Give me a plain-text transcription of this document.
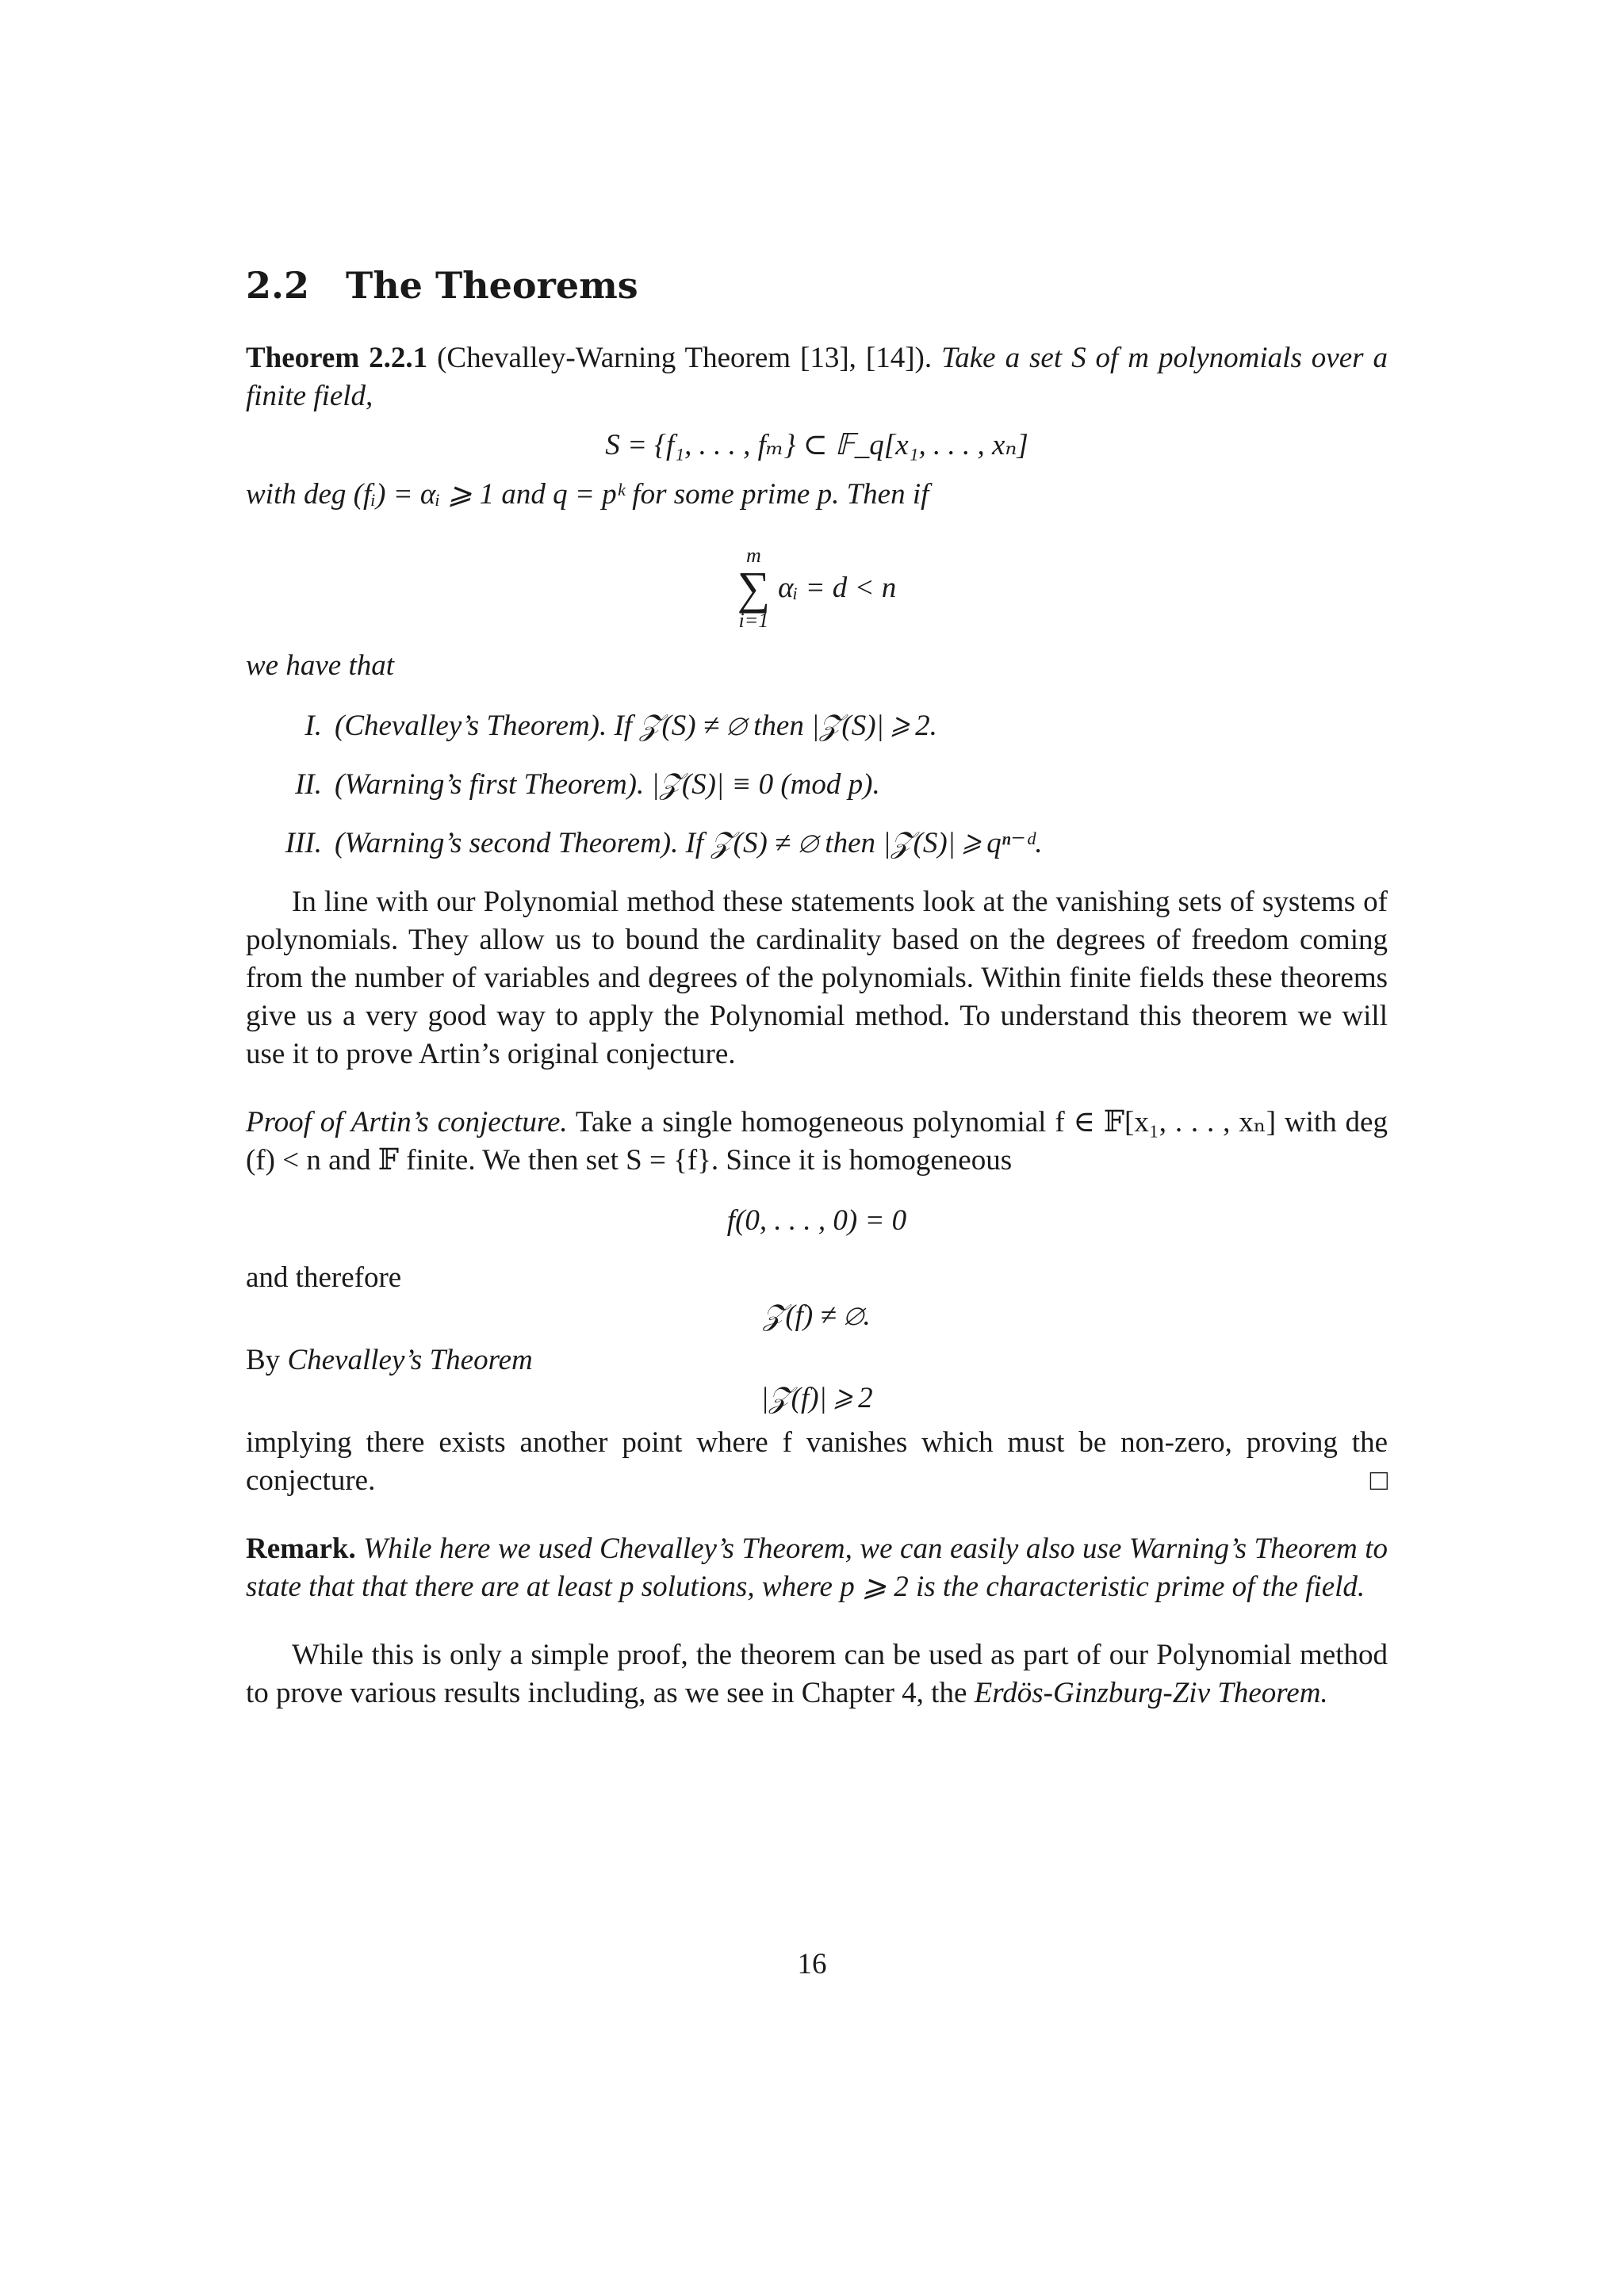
2.2 The Theorems

Theorem 2.2.1 (Chevalley-Warning Theorem [13], [14]). Take a set S of m polynomials over a finite field,

S = {f₁, . . . , fₘ} ⊂ 𝔽_q[x₁, . . . , xₙ]

with deg (fᵢ) = αᵢ ⩾ 1 and q = pᵏ for some prime p. Then if

m
∑
i=1
αᵢ = d < n

we have that

I. (Chevalley’s Theorem). If 𝒵(S) ≠ ∅ then |𝒵(S)| ⩾ 2.
II. (Warning’s first Theorem). |𝒵(S)| ≡ 0 (mod p).
III. (Warning’s second Theorem). If 𝒵(S) ≠ ∅ then |𝒵(S)| ⩾ qⁿ⁻ᵈ.

In line with our Polynomial method these statements look at the vanishing sets of systems of polynomials. They allow us to bound the cardinality based on the degrees of freedom coming from the number of variables and degrees of the polynomials. Within finite fields these theorems give us a very good way to apply the Polynomial method. To understand this theorem we will use it to prove Artin’s original conjecture.

Proof of Artin’s conjecture. Take a single homogeneous polynomial f ∈ 𝔽[x₁, . . . , xₙ] with deg (f) < n and 𝔽 finite. We then set S = {f}. Since it is homogeneous

f(0, . . . , 0) = 0

and therefore

𝒵(f) ≠ ∅.

By Chevalley’s Theorem

|𝒵(f)| ⩾ 2

implying there exists another point where f vanishes which must be non-zero, proving the conjecture.	□

Remark. While here we used Chevalley’s Theorem, we can easily also use Warning’s Theorem to state that that there are at least p solutions, where p ⩾ 2 is the characteristic prime of the field.

While this is only a simple proof, the theorem can be used as part of our Polynomial method to prove various results including, as we see in Chapter 4, the Erdös-Ginzburg-Ziv Theorem.

16
